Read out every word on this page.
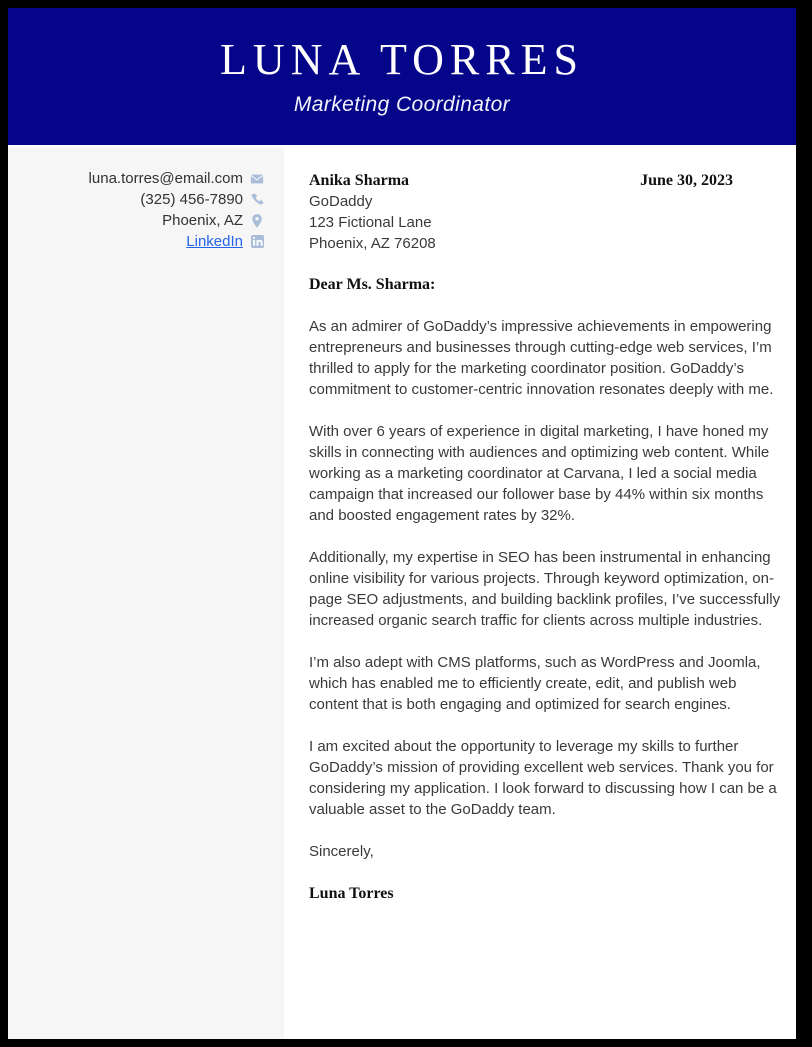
LUNA TORRES
Marketing Coordinator
luna.torres@email.com
(325) 456-7890
Phoenix, AZ
LinkedIn
Anika Sharma
GoDaddy
123 Fictional Lane
Phoenix, AZ 76208
June 30, 2023
Dear Ms. Sharma:

As an admirer of GoDaddy’s impressive achievements in empowering entrepreneurs and businesses through cutting-edge web services, I’m thrilled to apply for the marketing coordinator position. GoDaddy’s commitment to customer-centric innovation resonates deeply with me.

With over 6 years of experience in digital marketing, I have honed my skills in connecting with audiences and optimizing web content. While working as a marketing coordinator at Carvana, I led a social media campaign that increased our follower base by 44% within six months and boosted engagement rates by 32%.

Additionally, my expertise in SEO has been instrumental in enhancing online visibility for various projects. Through keyword optimization, on-page SEO adjustments, and building backlink profiles, I’ve successfully increased organic search traffic for clients across multiple industries.

I’m also adept with CMS platforms, such as WordPress and Joomla, which has enabled me to efficiently create, edit, and publish web content that is both engaging and optimized for search engines.

I am excited about the opportunity to leverage my skills to further GoDaddy’s mission of providing excellent web services. Thank you for considering my application. I look forward to discussing how I can be a valuable asset to the GoDaddy team.

Sincerely,
Luna Torres
